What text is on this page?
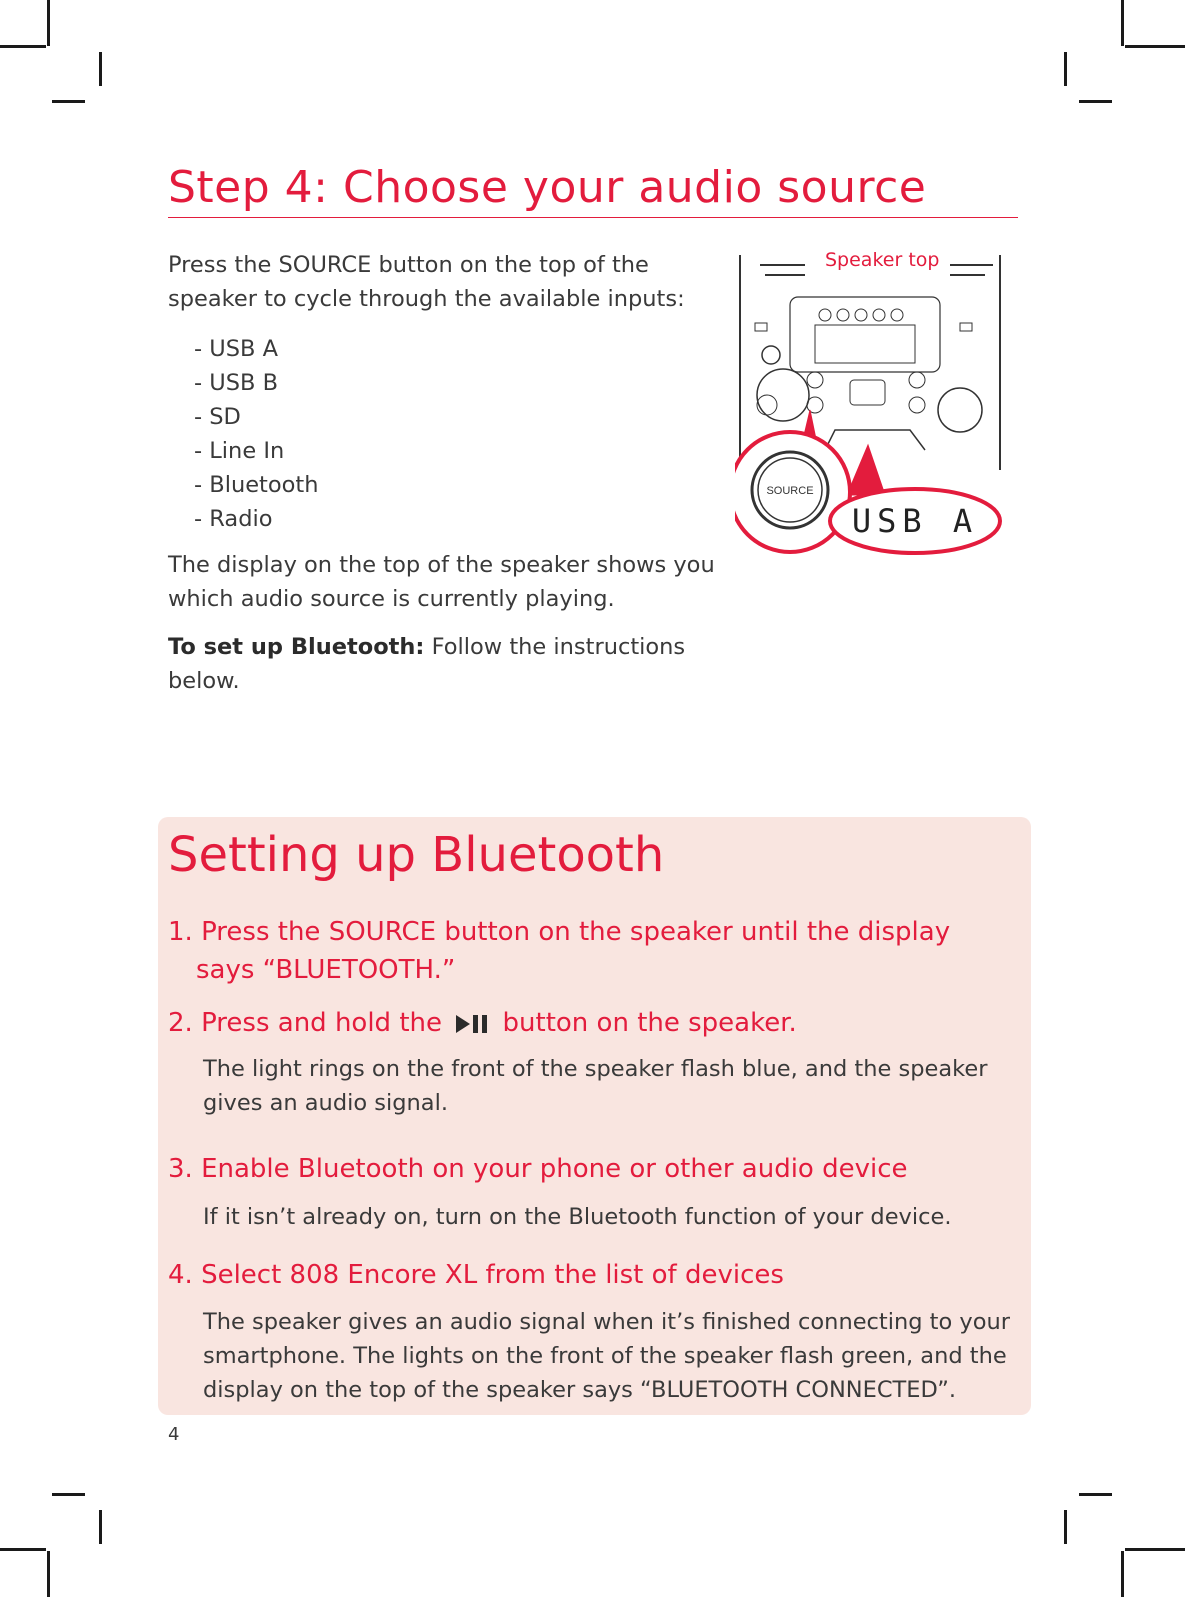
Step 4: Choose your audio source

Press the SOURCE button on the top of the speaker to cycle through the available inputs:

- USB A
- USB B
- SD
- Line In
- Bluetooth
- Radio

The display on the top of the speaker shows you which audio source is currently playing.

To set up Bluetooth: Follow the instructions below.

Speaker top
SOURCE
USB A
Setting up Bluetooth

1. Press the SOURCE button on the speaker until the display
says “BLUETOOTH.”

2. Press and hold the button on the speaker.

The light rings on the front of the speaker flash blue, and the speaker gives an audio signal.

3. Enable Bluetooth on your phone or other audio device

If it isn’t already on, turn on the Bluetooth function of your device.

4. Select 808 Encore XL from the list of devices

The speaker gives an audio signal when it’s finished connecting to your smartphone. The lights on the front of the speaker flash green, and the display on the top of the speaker says “BLUETOOTH CONNECTED”.

4
